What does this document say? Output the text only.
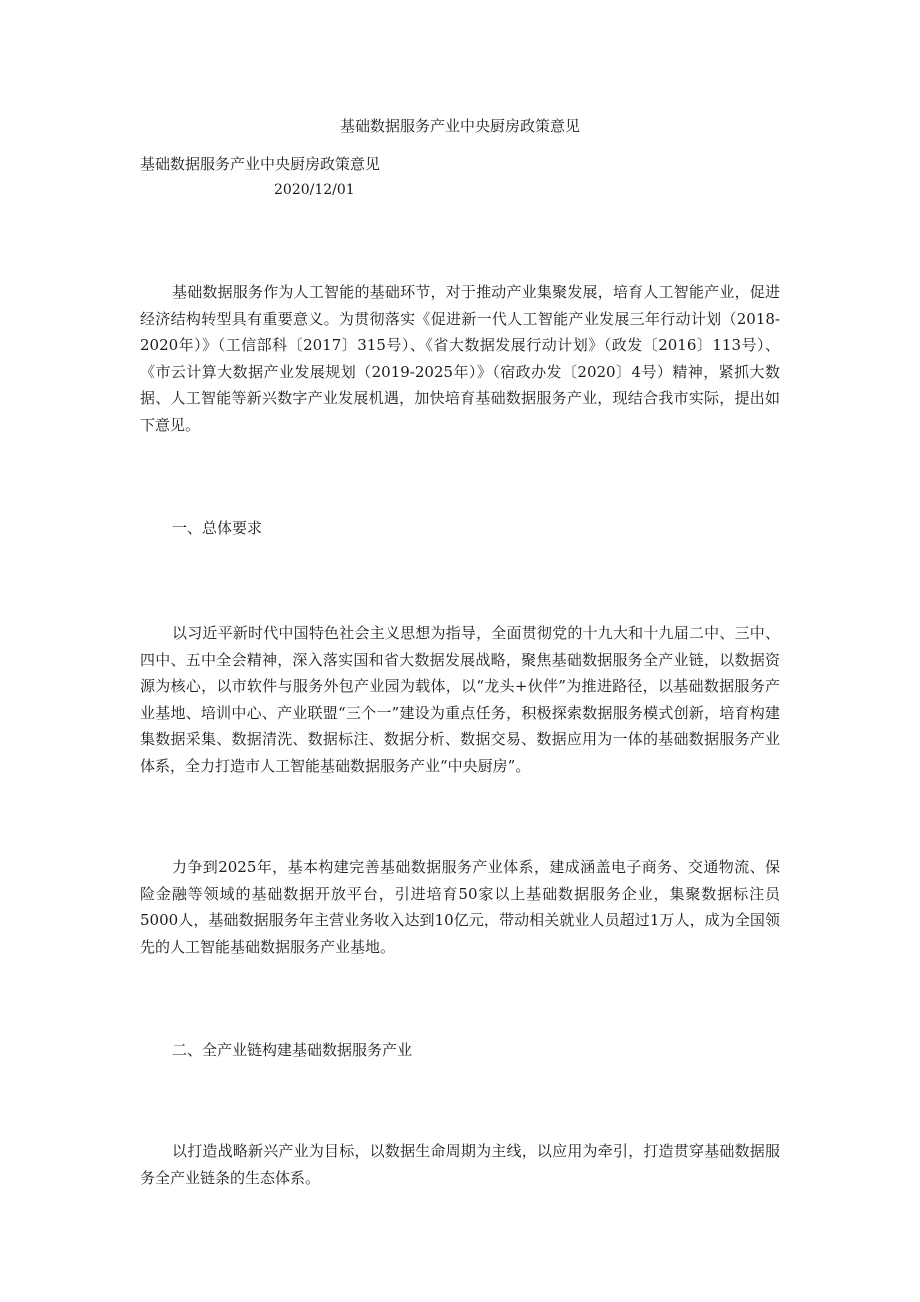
基础数据服务产业中央厨房政策意见
基础数据服务产业中央厨房政策意见
2020/12/01

基础数据服务作为人工智能的基础环节，对于推动产业集聚发展，培育人工智能产业，促进经济结构转型具有重要意义。为贯彻落实《促进新一代人工智能产业发展三年行动计划（2018-2020年）》（工信部科〔2017〕315号）、《省大数据发展行动计划》（政发〔2016〕113号）、《市云计算大数据产业发展规划（2019-2025年）》（宿政办发〔2020〕4号）精神，紧抓大数据、人工智能等新兴数字产业发展机遇，加快培育基础数据服务产业，现结合我市实际，提出如下意见。

一、总体要求

以习近平新时代中国特色社会主义思想为指导，全面贯彻党的十九大和十九届二中、三中、四中、五中全会精神，深入落实国和省大数据发展战略，聚焦基础数据服务全产业链，以数据资源为核心，以市软件与服务外包产业园为载体，以“龙头+伙伴”为推进路径，以基础数据服务产业基地、培训中心、产业联盟“三个一”建设为重点任务，积极探索数据服务模式创新，培育构建集数据采集、数据清洗、数据标注、数据分析、数据交易、数据应用为一体的基础数据服务产业体系，全力打造市人工智能基础数据服务产业“中央厨房”。

力争到2025年，基本构建完善基础数据服务产业体系，建成涵盖电子商务、交通物流、保险金融等领域的基础数据开放平台，引进培育50家以上基础数据服务企业，集聚数据标注员5000人，基础数据服务年主营业务收入达到10亿元，带动相关就业人员超过1万人，成为全国领先的人工智能基础数据服务产业基地。

二、全产业链构建基础数据服务产业

以打造战略新兴产业为目标，以数据生命周期为主线，以应用为牵引，打造贯穿基础数据服务全产业链条的生态体系。
